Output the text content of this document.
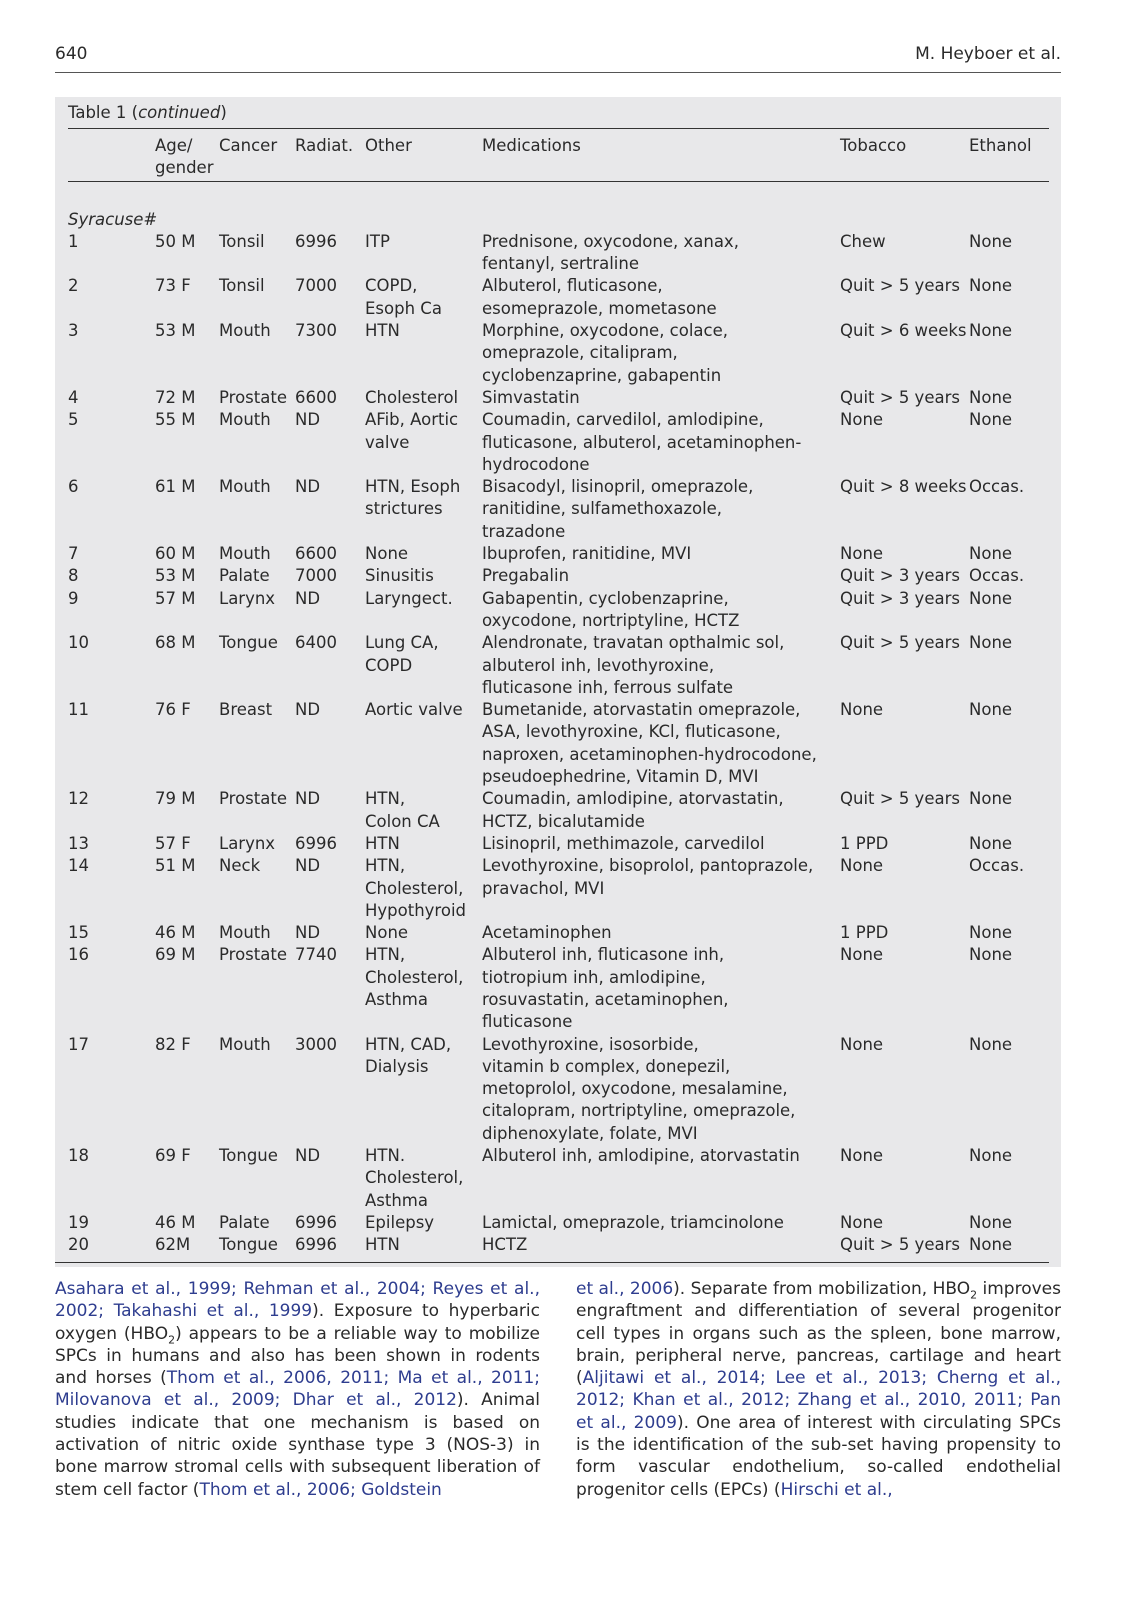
640	M. Heyboer et al.
Table 1 (continued)
	Age/
gender	Cancer	Radiat.	Other	Medications	Tobacco	Ethanol
Syracuse#							
1	50 M	Tonsil	6996	ITP	Prednisone, oxycodone, xanax,
fentanyl, sertraline	Chew	None
2	73 F	Tonsil	7000	COPD,
Esoph Ca	Albuterol, fluticasone,
esomeprazole, mometasone	Quit > 5 years	None
3	53 M	Mouth	7300	HTN	Morphine, oxycodone, colace,
omeprazole, citalipram,
cyclobenzaprine, gabapentin	Quit > 6 weeks	None
4	72 M	Prostate	6600	Cholesterol	Simvastatin	Quit > 5 years	None
5	55 M	Mouth	ND	AFib, Aortic
valve	Coumadin, carvedilol, amlodipine,
fluticasone, albuterol, acetaminophen-
hydrocodone	None	None
6	61 M	Mouth	ND	HTN, Esoph
strictures	Bisacodyl, lisinopril, omeprazole,
ranitidine, sulfamethoxazole,
trazadone	Quit > 8 weeks	Occas.
7	60 M	Mouth	6600	None	Ibuprofen, ranitidine, MVI	None	None
8	53 M	Palate	7000	Sinusitis	Pregabalin	Quit > 3 years	Occas.
9	57 M	Larynx	ND	Laryngect.	Gabapentin, cyclobenzaprine,
oxycodone, nortriptyline, HCTZ	Quit > 3 years	None
10	68 M	Tongue	6400	Lung CA,
COPD	Alendronate, travatan opthalmic sol,
albuterol inh, levothyroxine,
fluticasone inh, ferrous sulfate	Quit > 5 years	None
11	76 F	Breast	ND	Aortic valve	Bumetanide, atorvastatin omeprazole,
ASA, levothyroxine, KCl, fluticasone,
naproxen, acetaminophen-hydrocodone,
pseudoephedrine, Vitamin D, MVI	None	None
12	79 M	Prostate	ND	HTN,
Colon CA	Coumadin, amlodipine, atorvastatin,
HCTZ, bicalutamide	Quit > 5 years	None
13	57 F	Larynx	6996	HTN	Lisinopril, methimazole, carvedilol	1 PPD	None
14	51 M	Neck	ND	HTN,
Cholesterol,
Hypothyroid	Levothyroxine, bisoprolol, pantoprazole,
pravachol, MVI	None	Occas.
15	46 M	Mouth	ND	None	Acetaminophen	1 PPD	None
16	69 M	Prostate	7740	HTN,
Cholesterol,
Asthma	Albuterol inh, fluticasone inh,
tiotropium inh, amlodipine,
rosuvastatin, acetaminophen,
fluticasone	None	None
17	82 F	Mouth	3000	HTN, CAD,
Dialysis	Levothyroxine, isosorbide,
vitamin b complex, donepezil,
metoprolol, oxycodone, mesalamine,
citalopram, nortriptyline, omeprazole,
diphenoxylate, folate, MVI	None	None
18	69 F	Tongue	ND	HTN.
Cholesterol,
Asthma	Albuterol inh, amlodipine, atorvastatin	None	None
19	46 M	Palate	6996	Epilepsy	Lamictal, omeprazole, triamcinolone	None	None
20	62M	Tongue	6996	HTN	HCTZ	Quit > 5 years	None
Asahara et al., 1999; Rehman et al., 2004; Reyes et al., 2002; Takahashi et al., 1999). Exposure to hyperbaric oxygen $(HBO_2)$ appears to be a reliable way to mobilize SPCs in humans and also has been shown in rodents and horses (Thom et al., 2006, 2011; Ma et al., 2011; Milovanova et al., 2009; Dhar et al., 2012). Animal studies indicate that one mechanism is based on activation of nitric oxide synthase type 3 (NOS-3) in bone marrow stromal cells with subsequent liberation of stem cell factor (Thom et al., 2006; Goldstein
et al., 2006). Separate from mobilization, $HBO_2$ improves engraftment and differentiation of several progenitor cell types in organs such as the spleen, bone marrow, brain, peripheral nerve, pancreas, cartilage and heart (Aljitawi et al., 2014; Lee et al., 2013; Cherng et al., 2012; Khan et al., 2012; Zhang et al., 2010, 2011; Pan et al., 2009). One area of interest with circulating SPCs is the identification of the sub-set having propensity to form vascular endothelium, so-called endothelial progenitor cells (EPCs) (Hirschi et al.,
